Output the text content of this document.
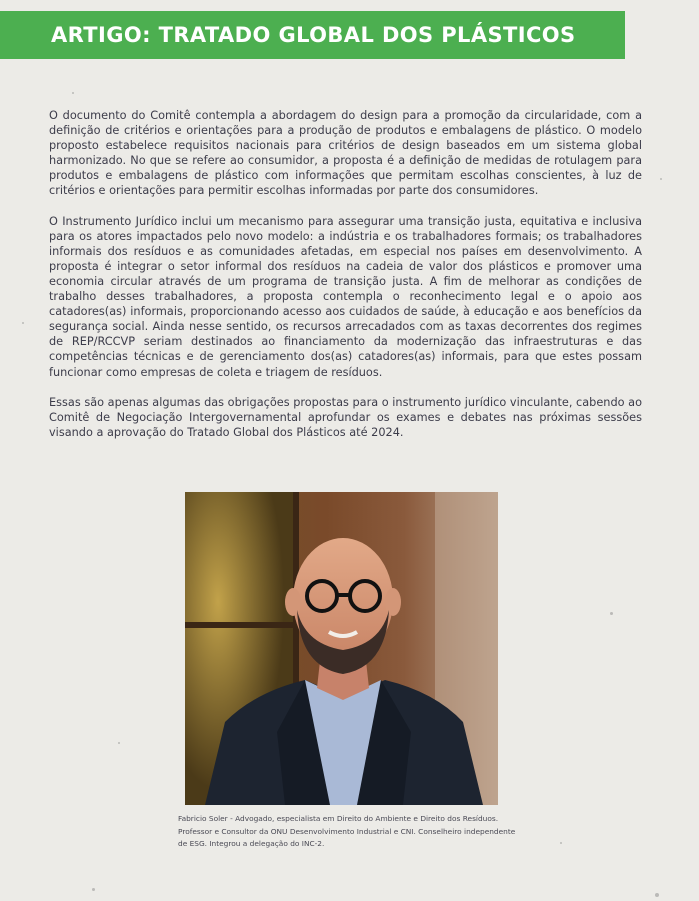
ARTIGO: TRATADO GLOBAL DOS PLÁSTICOS

O documento do Comitê contempla a abordagem do design para a promoção da circularidade, com a definição de critérios e orientações para a produção de produtos e embalagens de plástico. O modelo proposto estabelece requisitos nacionais para critérios de design baseados em um sistema global harmonizado. No que se refere ao consumidor, a proposta é a definição de medidas de rotulagem para produtos e embalagens de plástico com informações que permitam escolhas conscientes, à luz de critérios e orientações para permitir escolhas informadas por parte dos consumidores.

O Instrumento Jurídico inclui um mecanismo para assegurar uma transição justa, equitativa e inclusiva para os atores impactados pelo novo modelo: a indústria e os trabalhadores formais; os trabalhadores informais dos resíduos e as comunidades afetadas, em especial nos países em desenvolvimento. A proposta é integrar o setor informal dos resíduos na cadeia de valor dos plásticos e promover uma economia circular através de um programa de transição justa. A fim de melhorar as condições de trabalho desses trabalhadores, a proposta contempla o reconhecimento legal e o apoio aos catadores(as) informais, proporcionando acesso aos cuidados de saúde, à educação e aos benefícios da segurança social. Ainda nesse sentido, os recursos arrecadados com as taxas decorrentes dos regimes de REP/RCCVP seriam destinados ao financiamento da modernização das infraestruturas e das competências técnicas e de gerenciamento dos(as) catadores(as) informais, para que estes possam funcionar como empresas de coleta e triagem de resíduos.

Essas são apenas algumas das obrigações propostas para o instrumento jurídico vinculante, cabendo ao Comitê de Negociação Intergovernamental aprofundar os exames e debates nas próximas sessões visando a aprovação do Tratado Global dos Plásticos até 2024.

Fabricio Soler - Advogado, especialista em Direito do Ambiente e Direito dos Resíduos. Professor e Consultor da ONU Desenvolvimento Industrial e CNI. Conselheiro independente de ESG. Integrou a delegação do INC-2.
